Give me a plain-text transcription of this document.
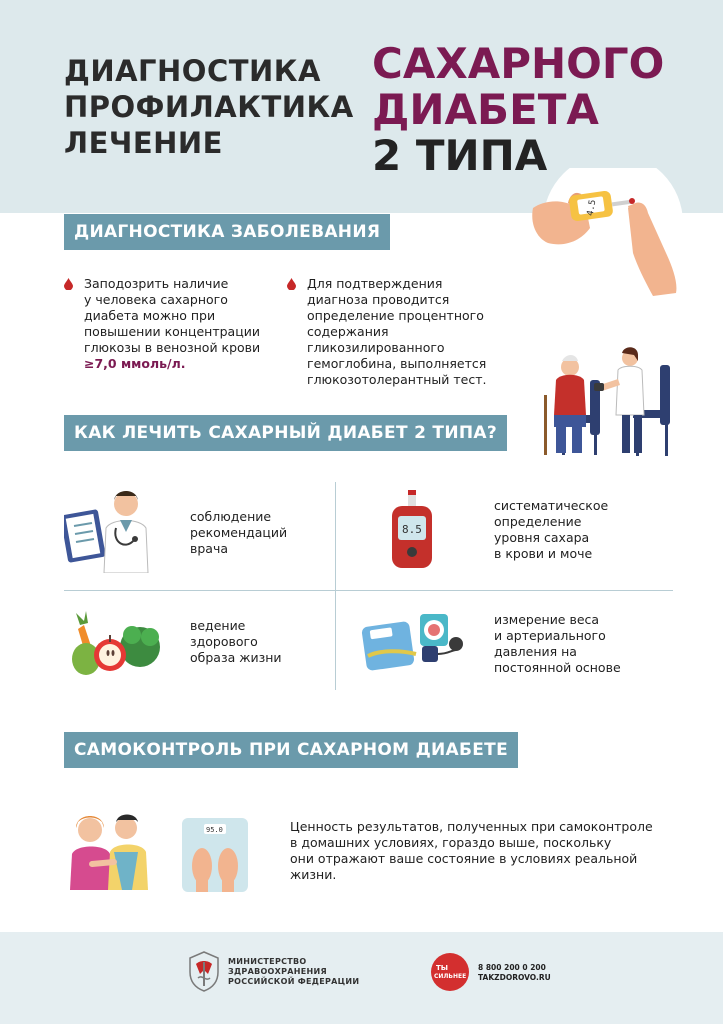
ДИАГНОСТИКА
ПРОФИЛАКТИКА
ЛЕЧЕНИЕ
САХАРНОГО
ДИАБЕТА
2 ТИПА
4.5
ДИАГНОСТИКА ЗАБОЛЕВАНИЯ
Заподозрить наличие
у человека сахарного
диабета можно при
повышении концентрации
глюкозы в венозной крови
≥7,0 ммоль/л.
Для подтверждения
диагноза проводится
определение процентного
содержания гликозилированного
гемоглобина, выполняется
глюкозотолерантный тест.
КАК ЛЕЧИТЬ САХАРНЫЙ ДИАБЕТ 2 ТИПА?
соблюдение
рекомендаций
врача
8.5
систематическое
определение
уровня сахара
в крови и моче
ведение
здорового
образа жизни
измерение веса
и артериального
давления на
постоянной основе
САМОКОНТРОЛЬ ПРИ САХАРНОМ ДИАБЕТЕ
95.0	Ценность результатов, полученных при самоконтроле
в домашних условиях, гораздо выше, поскольку
они отражают ваше состояние в условиях реальной
жизни.
МИНИСТЕРСТВО
ЗДРАВООХРАНЕНИЯ
РОССИЙСКОЙ ФЕДЕРАЦИИ
ТЫ
СИЛЬНЕЕ
8 800 200 0 200
TAKZDOROVO.RU
